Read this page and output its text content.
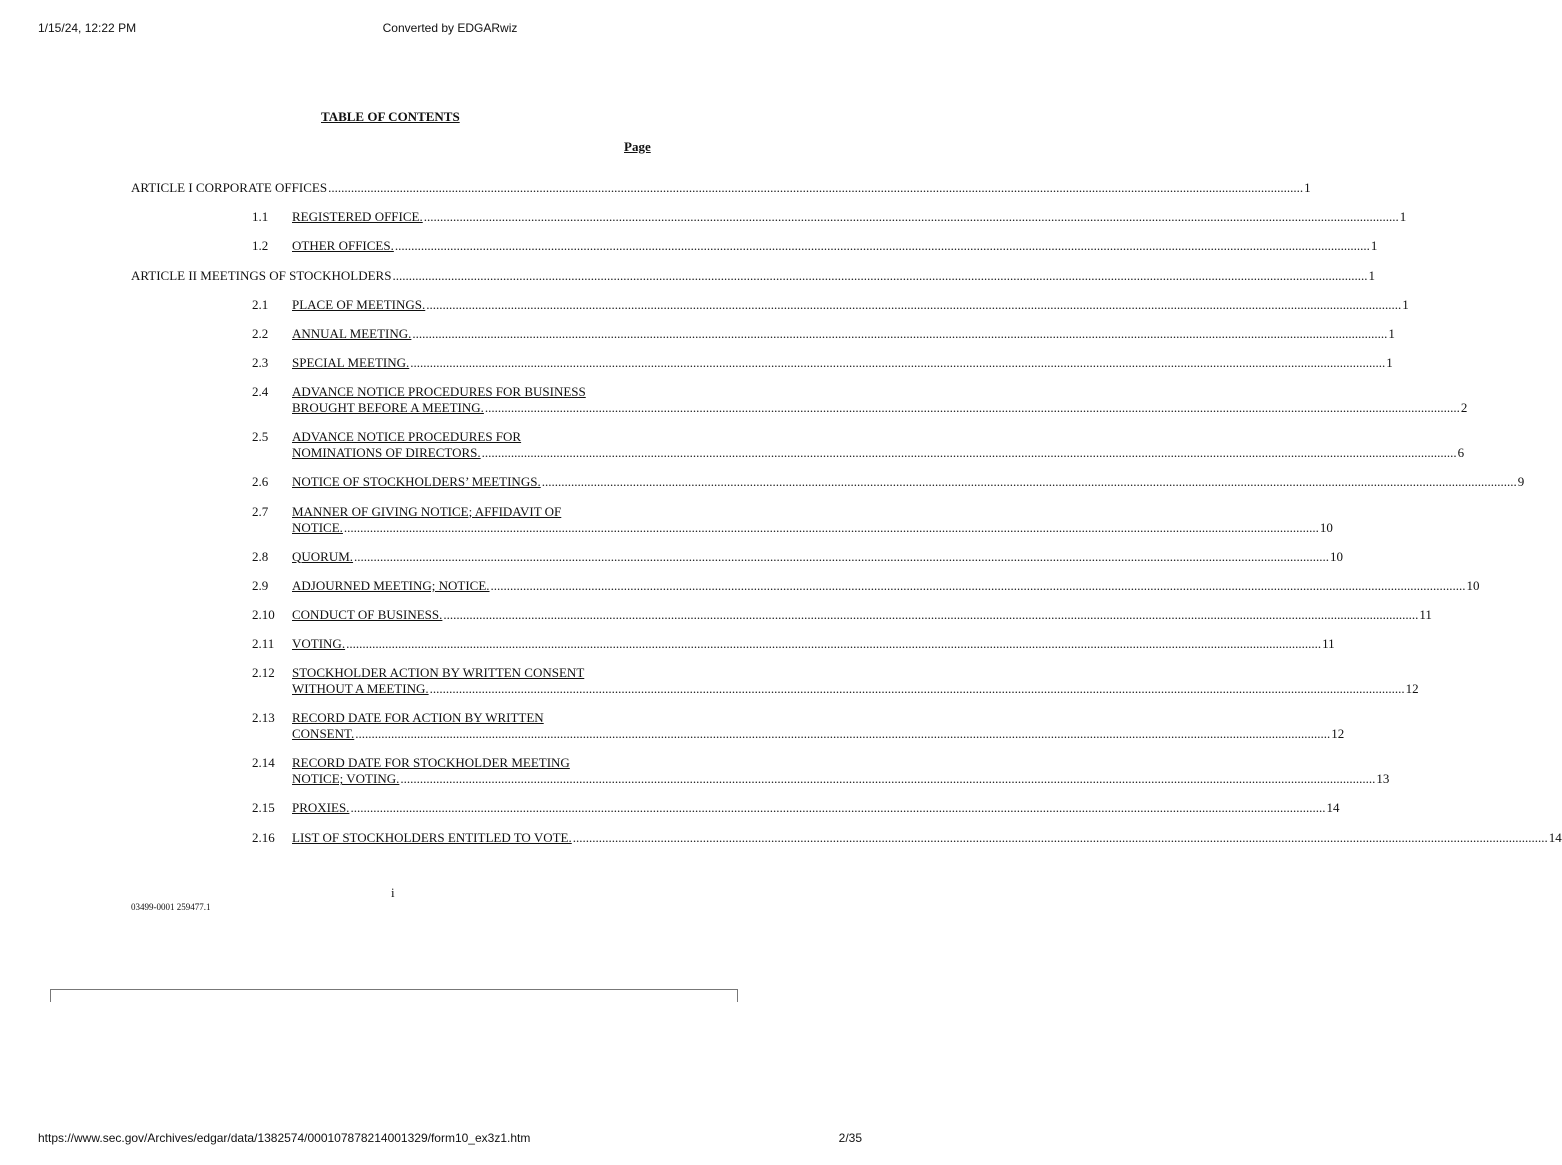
1/15/24, 12:22 PM	Converted by EDGARwiz
TABLE OF CONTENTS
Page
ARTICLE I CORPORATE OFFICES ............................................................................................................................................................................................................................................................................................................ 1
1.1 REGISTERED OFFICE. ............................................................................................................................................................................................................................................................................................................ 1
1.2 OTHER OFFICES. ............................................................................................................................................................................................................................................................................................................ 1
ARTICLE II MEETINGS OF STOCKHOLDERS ............................................................................................................................................................................................................................................................................................................ 1
2.1 PLACE OF MEETINGS. ............................................................................................................................................................................................................................................................................................................ 1
2.2 ANNUAL MEETING. ............................................................................................................................................................................................................................................................................................................ 1
2.3 SPECIAL MEETING. ............................................................................................................................................................................................................................................................................................................ 1
2.4 ADVANCE NOTICE PROCEDURES FOR BUSINESS
BROUGHT BEFORE A MEETING. ............................................................................................................................................................................................................................................................................................................ 2
2.5 ADVANCE NOTICE PROCEDURES FOR
NOMINATIONS OF DIRECTORS. ............................................................................................................................................................................................................................................................................................................ 6
2.6 NOTICE OF STOCKHOLDERS’ MEETINGS. ............................................................................................................................................................................................................................................................................................................ 9
2.7 MANNER OF GIVING NOTICE; AFFIDAVIT OF
NOTICE. ............................................................................................................................................................................................................................................................................................................ 10
2.8 QUORUM. ............................................................................................................................................................................................................................................................................................................ 10
2.9 ADJOURNED MEETING; NOTICE. ............................................................................................................................................................................................................................................................................................................ 10
2.10 CONDUCT OF BUSINESS. ............................................................................................................................................................................................................................................................................................................ 11
2.11 VOTING. ............................................................................................................................................................................................................................................................................................................ 11
2.12 STOCKHOLDER ACTION BY WRITTEN CONSENT
WITHOUT A MEETING. ............................................................................................................................................................................................................................................................................................................ 12
2.13 RECORD DATE FOR ACTION BY WRITTEN
CONSENT. ............................................................................................................................................................................................................................................................................................................ 12
2.14 RECORD DATE FOR STOCKHOLDER MEETING
NOTICE; VOTING. ............................................................................................................................................................................................................................................................................................................ 13
2.15 PROXIES. ............................................................................................................................................................................................................................................................................................................ 14
2.16 LIST OF STOCKHOLDERS ENTITLED TO VOTE. ............................................................................................................................................................................................................................................................................................................ 14
i
03499-0001 259477.1
https://www.sec.gov/Archives/edgar/data/1382574/000107878214001329/form10_ex3z1.htm	2/35
